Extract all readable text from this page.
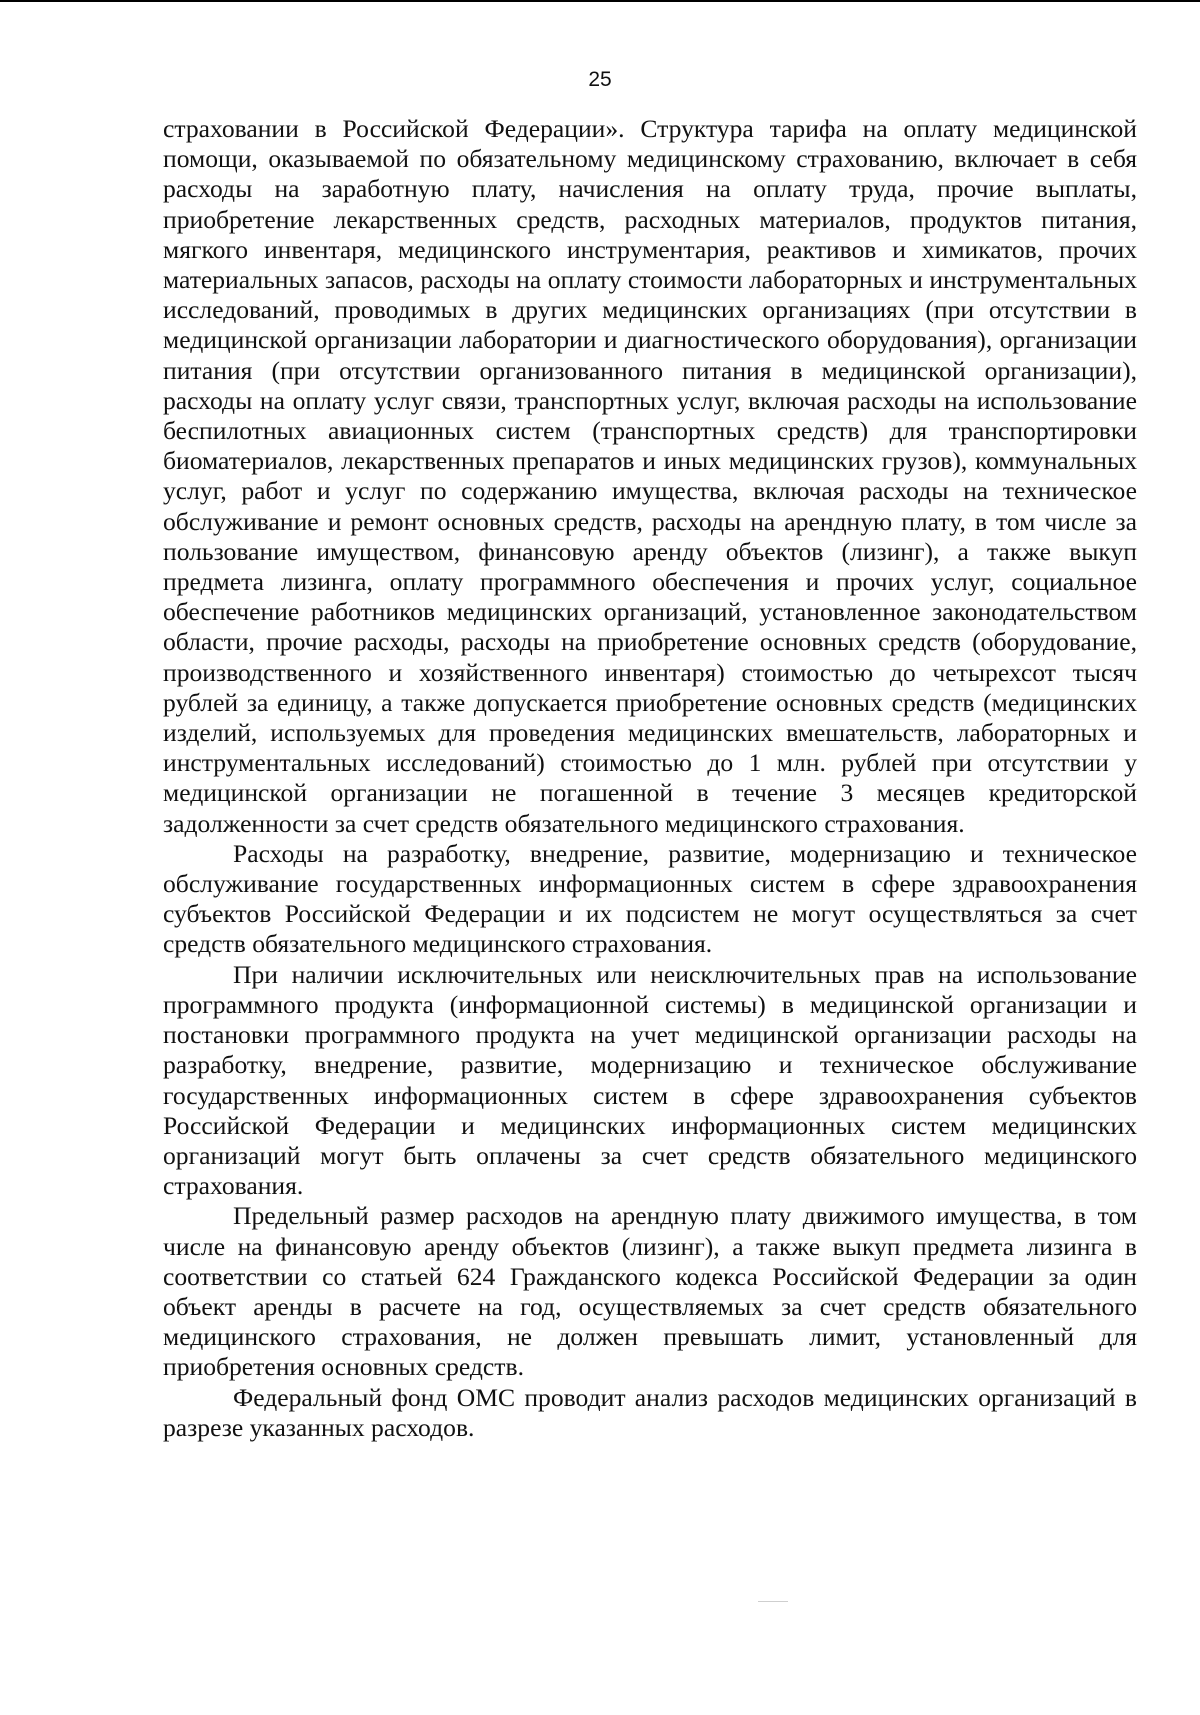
25

страховании в Российской Федерации». Структура тарифа на оплату медицинской помощи, оказываемой по обязательному медицинскому страхованию, включает в себя расходы на заработную плату, начисления на оплату труда, прочие выплаты, приобретение лекарственных средств, расходных материалов, продуктов питания, мягкого инвентаря, медицинского инструментария, реактивов и химикатов, прочих материальных запасов, расходы на оплату стоимости лабораторных и инструментальных исследований, проводимых в других медицинских организациях (при отсутствии в медицинской организации лаборатории и диагностического оборудования), организации питания (при отсутствии организованного питания в медицинской организации), расходы на оплату услуг связи, транспортных услуг, включая расходы на использование беспилотных авиационных систем (транспортных средств) для транспортировки биоматериалов, лекарственных препаратов и иных медицинских грузов), коммунальных услуг, работ и услуг по содержанию имущества, включая расходы на техническое обслуживание и ремонт основных средств, расходы на арендную плату, в том числе за пользование имуществом, финансовую аренду объектов (лизинг), а также выкуп предмета лизинга, оплату программного обеспечения и прочих услуг, социальное обеспечение работников медицинских организаций, установленное законодательством области, прочие расходы, расходы на приобретение основных средств (оборудование, производственного и хозяйственного инвентаря) стоимостью до четырехсот тысяч рублей за единицу, а также допускается приобретение основных средств (медицинских изделий, используемых для проведения медицинских вмешательств, лабораторных и инструментальных исследований) стоимостью до 1 млн. рублей при отсутствии у медицинской организации не погашенной в течение 3 месяцев кредиторской задолженности за счет средств обязательного медицинского страхования.

Расходы на разработку, внедрение, развитие, модернизацию и техническое обслуживание государственных информационных систем в сфере здравоохранения субъектов Российской Федерации и их подсистем не могут осуществляться за счет средств обязательного медицинского страхования.

При наличии исключительных или неисключительных прав на использование программного продукта (информационной системы) в медицинской организации и постановки программного продукта на учет медицинской организации расходы на разработку, внедрение, развитие, модернизацию и техническое обслуживание государственных информационных систем в сфере здравоохранения субъектов Российской Федерации и медицинских информационных систем медицинских организаций могут быть оплачены за счет средств обязательного медицинского страхования.

Предельный размер расходов на арендную плату движимого имущества, в том числе на финансовую аренду объектов (лизинг), а также выкуп предмета лизинга в соответствии со статьей 624 Гражданского кодекса Российской Федерации за один объект аренды в расчете на год, осуществляемых за счет средств обязательного медицинского страхования, не должен превышать лимит, установленный для приобретения основных средств.

Федеральный фонд ОМС проводит анализ расходов медицинских организаций в разрезе указанных расходов.
